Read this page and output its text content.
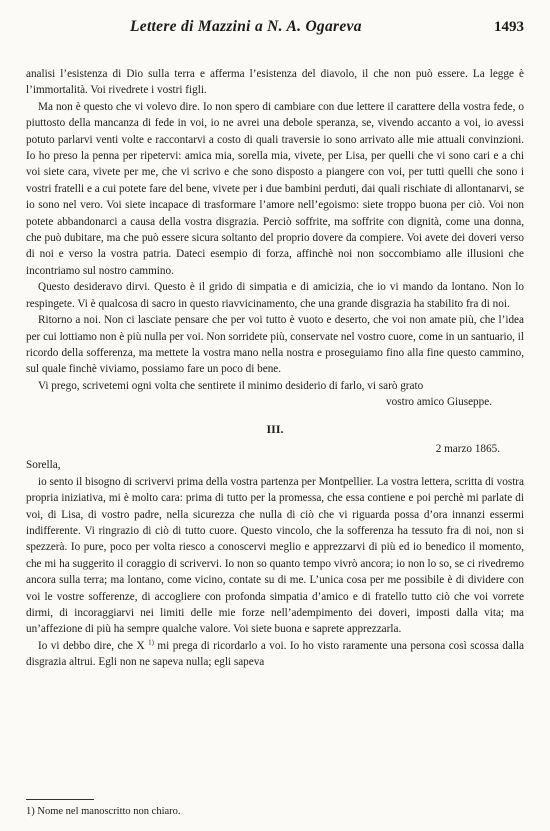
Lettere di Mazzini a N. A. Ogareva	1493

analisi l’esistenza di Dio sulla terra e afferma l’esistenza del diavolo, il che non può essere. La legge è l’immortalità. Voi rivedrete i vostri figli.

Ma non è questo che vi volevo dire. Io non spero di cambiare con due lettere il carattere della vostra fede, o piuttosto della mancanza di fede in voi, io ne avrei una debole speranza, se, vivendo accanto a voi, io avessi potuto parlarvi venti volte e raccontarvi a costo di quali traversie io sono arrivato alle mie attuali convinzioni. Io ho preso la penna per ripetervi: amica mia, sorella mia, vivete, per Lisa, per quelli che vi sono cari e a chi voi siete cara, vivete per me, che vi scrivo e che sono disposto a piangere con voi, per tutti quelli che sono i vostri fratelli e a cui potete fare del bene, vivete per i due bambini perduti, dai quali rischiate di allontanarvi, se io sono nel vero. Voi siete incapace di trasformare l’amore nell’egoismo: siete troppo buona per ciò. Voi non potete abbandonarci a causa della vostra disgrazia. Perciò soffrite, ma soffrite con dignità, come una donna, che può dubitare, ma che può essere sicura soltanto del proprio dovere da compiere. Voi avete dei doveri verso di noi e verso la vostra patria. Dateci esempio di forza, affinchè noi non soccombiamo alle illusioni che incontriamo sul nostro cammino.

Questo desideravo dirvi. Questo è il grido di simpatia e di amicizia, che io vi mando da lontano. Non lo respingete. Vi è qualcosa di sacro in questo riavvicinamento, che una grande disgrazia ha stabilito fra di noi.

Ritorno a noi. Non ci lasciate pensare che per voi tutto è vuoto e deserto, che voi non amate più, che l’idea per cui lottiamo non è più nulla per voi. Non sorridete più, conservate nel vostro cuore, come in un santuario, il ricordo della sofferenza, ma mettete la vostra mano nella nostra e proseguiamo fino alla fine questo cammino, sul quale finchè viviamo, possiamo fare un poco di bene.

Vi prego, scrivetemi ogni volta che sentirete il minimo desiderio di farlo, vi sarò grato

vostro amico Giuseppe.

III.

2 marzo 1865.

Sorella,

io sento il bisogno di scrivervi prima della vostra partenza per Montpellier. La vostra lettera, scritta di vostra propria iniziativa, mi è molto cara: prima di tutto per la promessa, che essa contiene e poi perchè mi parlate di voi, di Lisa, di vostro padre, nella sicurezza che nulla di ciò che vi riguarda possa d’ora innanzi essermi indifferente. Vi ringrazio di ciò di tutto cuore. Questo vincolo, che la sofferenza ha tessuto fra di noi, non si spezzerà. Io pure, poco per volta riesco a conoscervi meglio e apprezzarvi di più ed io benedico il momento, che mi ha suggerito il coraggio di scrivervi. Io non so quanto tempo vivrò ancora; io non lo so, se ci rivedremo ancora sulla terra; ma lontano, come vicino, contate su di me. L’unica cosa per me possibile è di dividere con voi le vostre sofferenze, di accogliere con profonda simpatia d’amico e di fratello tutto ciò che voi vorrete dirmi, di incoraggiarvi nei limiti delle mie forze nell’adempimento dei doveri, imposti dalla vita; ma un’affezione di più ha sempre qualche valore. Voi siete buona e saprete apprezzarla.

Io vi debbo dire, che X $^{1)}$ mi prega di ricordarlo a voi. Io ho visto raramente una persona così scossa dalla disgrazia altrui. Egli non ne sapeva nulla; egli sapeva

1) Nome nel manoscritto non chiaro.
